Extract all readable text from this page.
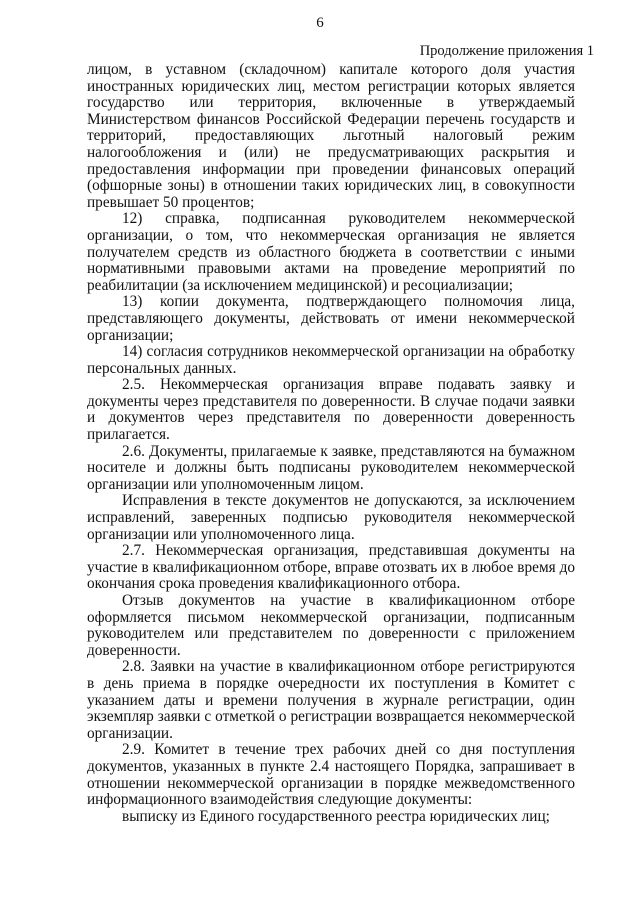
6
Продолжение приложения 1

лицом, в уставном (складочном) капитале которого доля участия иностранных юридических лиц, местом регистрации которых является государство или территория, включенные в утверждаемый Министерством финансов Российской Федерации перечень государств и территорий, предоставляющих льготный налоговый режим налогообложения и (или) не предусматривающих раскрытия и предоставления информации при проведении финансовых операций (офшорные зоны) в отношении таких юридических лиц, в совокупности превышает 50 процентов;

12) справка, подписанная руководителем некоммерческой организации, о том, что некоммерческая организация не является получателем средств из областного бюджета в соответствии с иными нормативными правовыми актами на проведение мероприятий по реабилитации (за исключением медицинской) и ресоциализации;

13) копии документа, подтверждающего полномочия лица, представляющего документы, действовать от имени некоммерческой организации;

14) согласия сотрудников некоммерческой организации на обработку персональных данных.

2.5. Некоммерческая организация вправе подавать заявку и документы через представителя по доверенности. В случае подачи заявки и документов через представителя по доверенности доверенность прилагается.

2.6. Документы, прилагаемые к заявке, представляются на бумажном носителе и должны быть подписаны руководителем некоммерческой организации или уполномоченным лицом.

Исправления в тексте документов не допускаются, за исключением исправлений, заверенных подписью руководителя некоммерческой организации или уполномоченного лица.

2.7. Некоммерческая организация, представившая документы на участие в квалификационном отборе, вправе отозвать их в любое время до окончания срока проведения квалификационного отбора.

Отзыв документов на участие в квалификационном отборе оформляется письмом некоммерческой организации, подписанным руководителем или представителем по доверенности с приложением доверенности.

2.8. Заявки на участие в квалификационном отборе регистрируются в день приема в порядке очередности их поступления в Комитет с указанием даты и времени получения в журнале регистрации, один экземпляр заявки с отметкой о регистрации возвращается некоммерческой организации.

2.9. Комитет в течение трех рабочих дней со дня поступления документов, указанных в пункте 2.4 настоящего Порядка, запрашивает в отношении некоммерческой организации в порядке межведомственного информационного взаимодействия следующие документы:

выписку из Единого государственного реестра юридических лиц;
